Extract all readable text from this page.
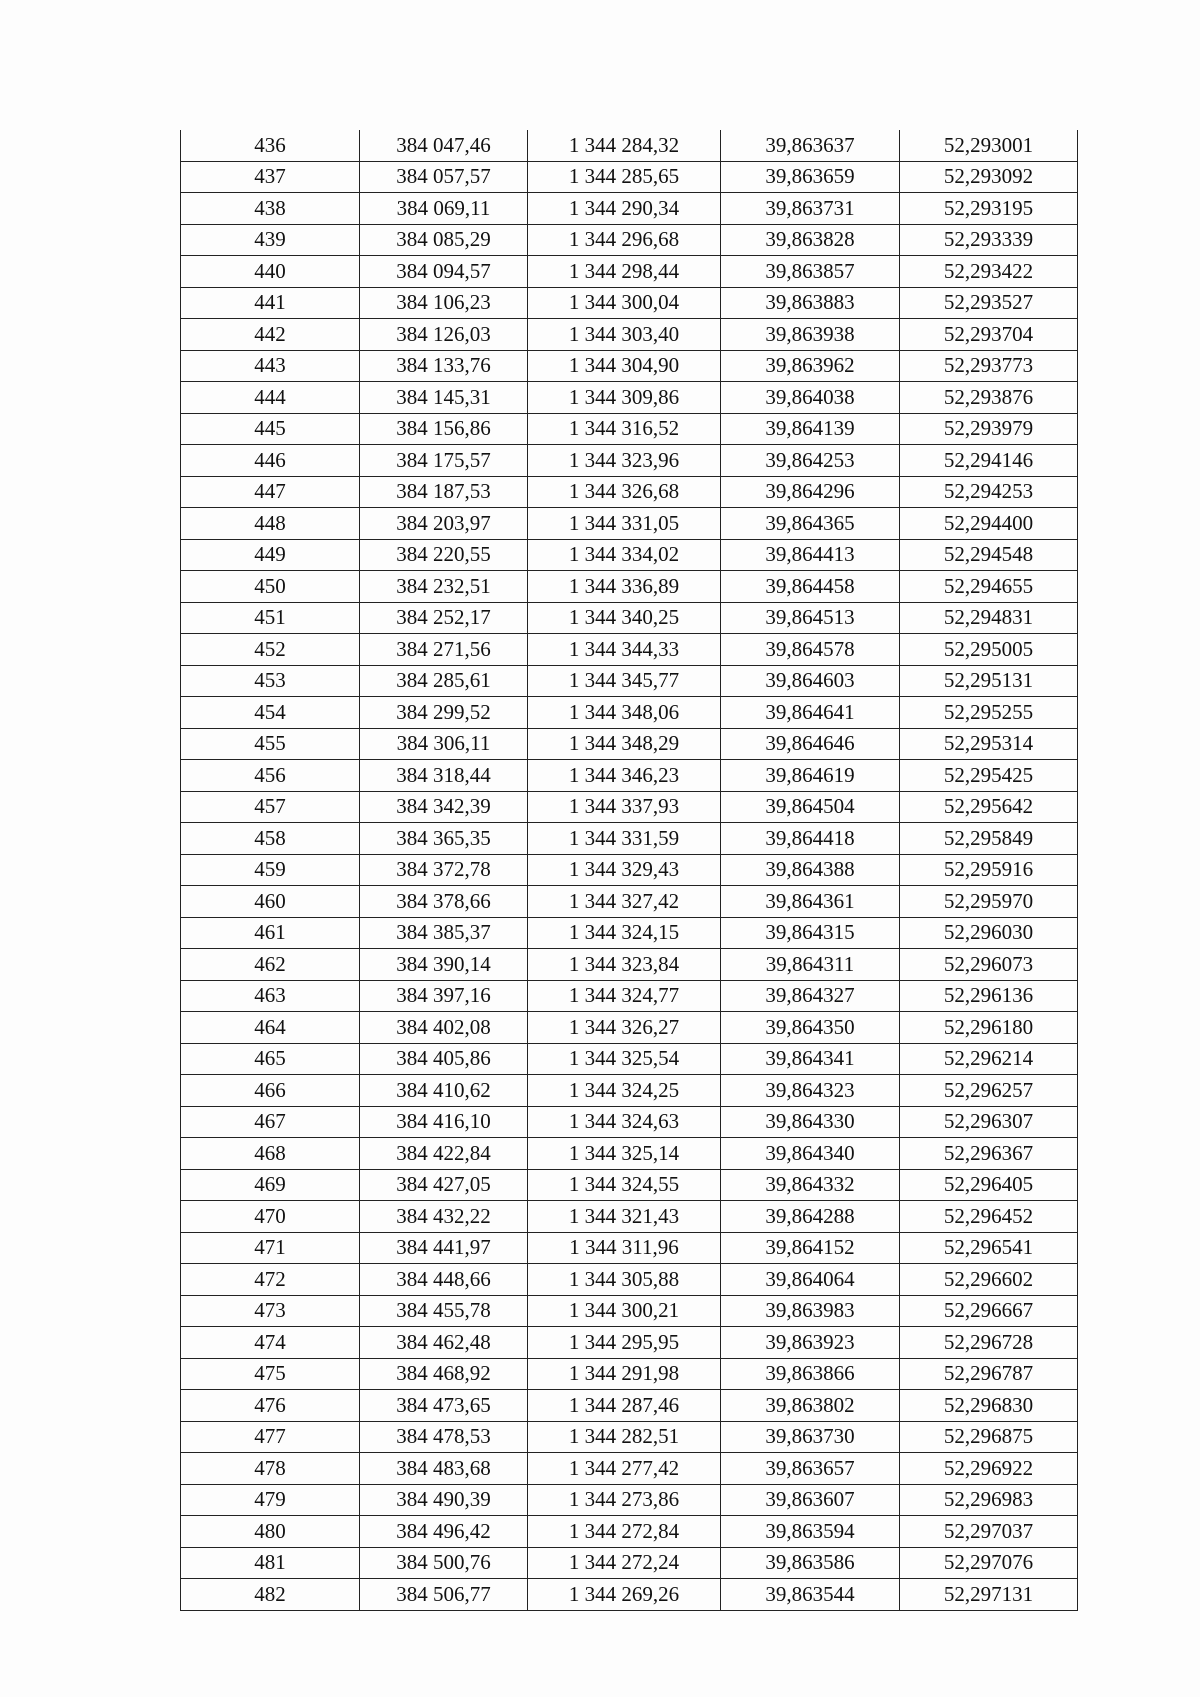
436	384 047,46	1 344 284,32	39,863637	52,293001
437	384 057,57	1 344 285,65	39,863659	52,293092
438	384 069,11	1 344 290,34	39,863731	52,293195
439	384 085,29	1 344 296,68	39,863828	52,293339
440	384 094,57	1 344 298,44	39,863857	52,293422
441	384 106,23	1 344 300,04	39,863883	52,293527
442	384 126,03	1 344 303,40	39,863938	52,293704
443	384 133,76	1 344 304,90	39,863962	52,293773
444	384 145,31	1 344 309,86	39,864038	52,293876
445	384 156,86	1 344 316,52	39,864139	52,293979
446	384 175,57	1 344 323,96	39,864253	52,294146
447	384 187,53	1 344 326,68	39,864296	52,294253
448	384 203,97	1 344 331,05	39,864365	52,294400
449	384 220,55	1 344 334,02	39,864413	52,294548
450	384 232,51	1 344 336,89	39,864458	52,294655
451	384 252,17	1 344 340,25	39,864513	52,294831
452	384 271,56	1 344 344,33	39,864578	52,295005
453	384 285,61	1 344 345,77	39,864603	52,295131
454	384 299,52	1 344 348,06	39,864641	52,295255
455	384 306,11	1 344 348,29	39,864646	52,295314
456	384 318,44	1 344 346,23	39,864619	52,295425
457	384 342,39	1 344 337,93	39,864504	52,295642
458	384 365,35	1 344 331,59	39,864418	52,295849
459	384 372,78	1 344 329,43	39,864388	52,295916
460	384 378,66	1 344 327,42	39,864361	52,295970
461	384 385,37	1 344 324,15	39,864315	52,296030
462	384 390,14	1 344 323,84	39,864311	52,296073
463	384 397,16	1 344 324,77	39,864327	52,296136
464	384 402,08	1 344 326,27	39,864350	52,296180
465	384 405,86	1 344 325,54	39,864341	52,296214
466	384 410,62	1 344 324,25	39,864323	52,296257
467	384 416,10	1 344 324,63	39,864330	52,296307
468	384 422,84	1 344 325,14	39,864340	52,296367
469	384 427,05	1 344 324,55	39,864332	52,296405
470	384 432,22	1 344 321,43	39,864288	52,296452
471	384 441,97	1 344 311,96	39,864152	52,296541
472	384 448,66	1 344 305,88	39,864064	52,296602
473	384 455,78	1 344 300,21	39,863983	52,296667
474	384 462,48	1 344 295,95	39,863923	52,296728
475	384 468,92	1 344 291,98	39,863866	52,296787
476	384 473,65	1 344 287,46	39,863802	52,296830
477	384 478,53	1 344 282,51	39,863730	52,296875
478	384 483,68	1 344 277,42	39,863657	52,296922
479	384 490,39	1 344 273,86	39,863607	52,296983
480	384 496,42	1 344 272,84	39,863594	52,297037
481	384 500,76	1 344 272,24	39,863586	52,297076
482	384 506,77	1 344 269,26	39,863544	52,297131
